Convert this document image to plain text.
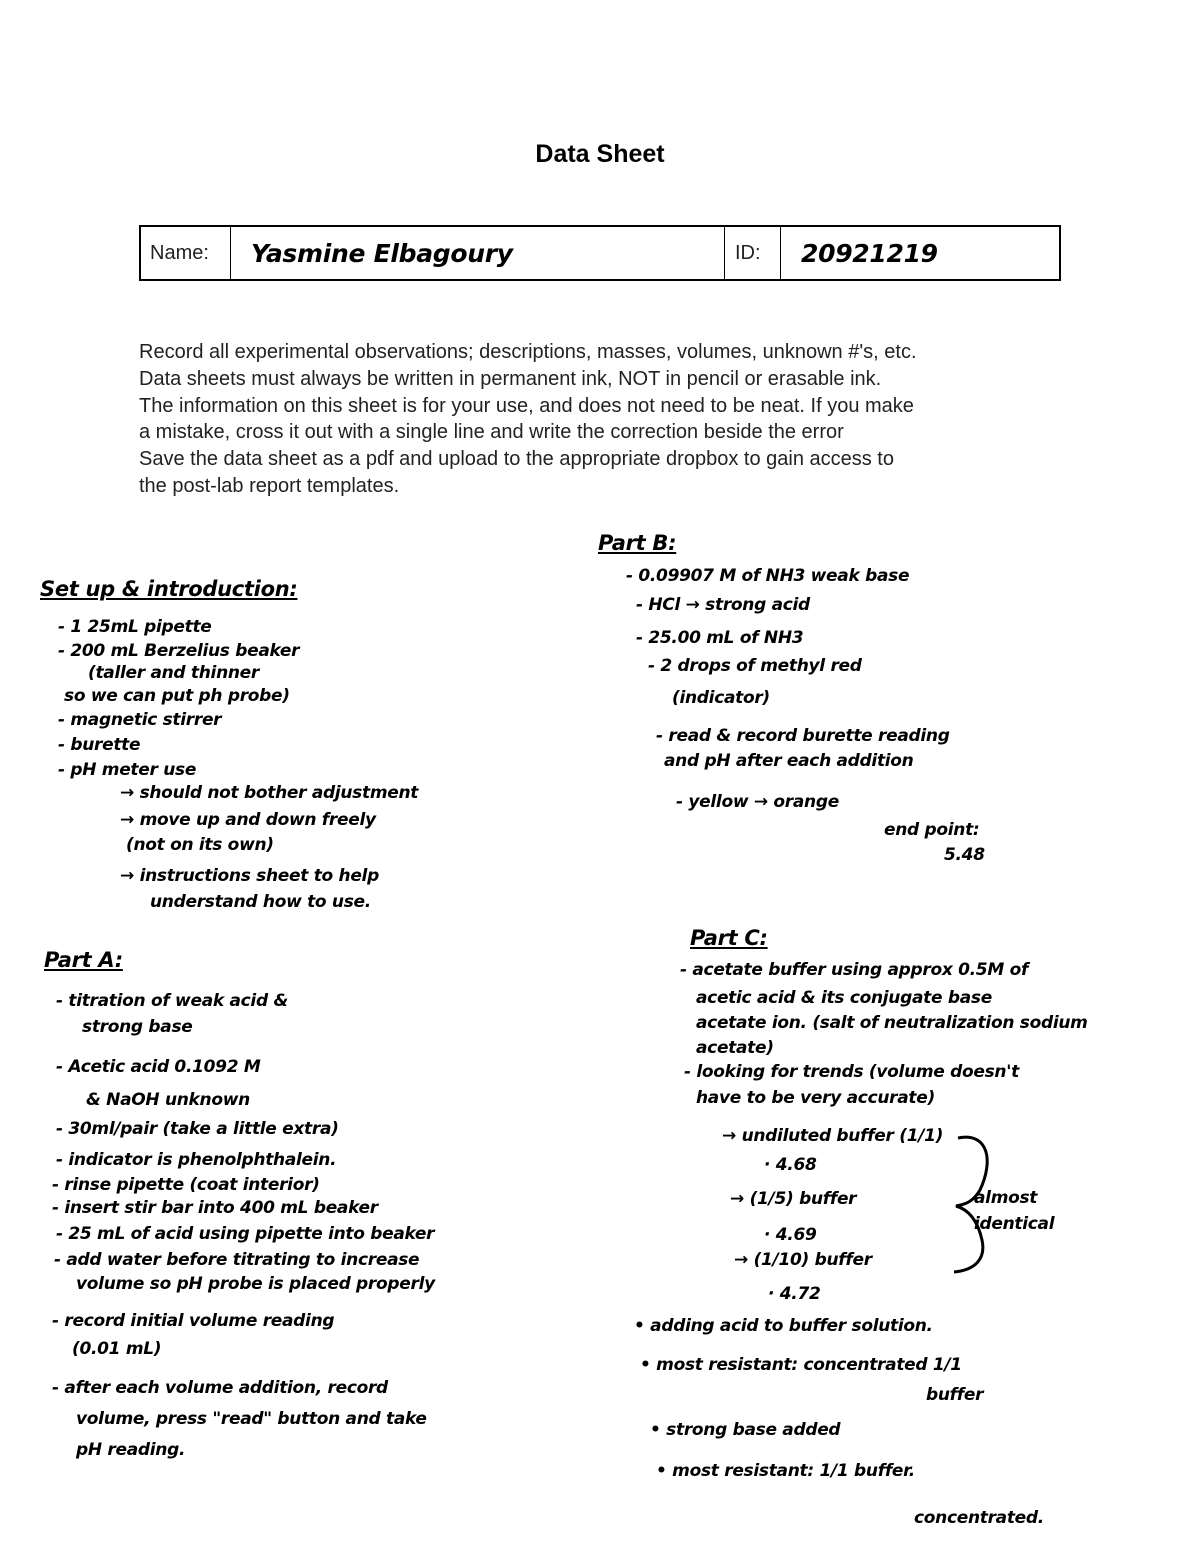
Data Sheet
Name:	Yasmine Elbagoury	ID:	20921219
Record all experimental observations; descriptions, masses, volumes, unknown #'s, etc.
Data sheets must always be written in permanent ink, NOT in pencil or erasable ink.
The information on this sheet is for your use, and does not need to be neat. If you make
a mistake, cross it out with a single line and write the correction beside the error
Save the data sheet as a pdf and upload to the appropriate dropbox to gain access to
the post-lab report templates.
Set up & introduction:
- 1 25mL pipette
- 200 mL Berzelius beaker
(taller and thinner
so we can put ph probe)
- magnetic stirrer
- burette
- pH meter use
→ should not bother adjustment
→ move up and down freely
(not on its own)
→ instructions sheet to help
understand how to use.
Part A:
- titration of weak acid &
strong base
- Acetic acid 0.1092 M
& NaOH unknown
- 30ml/pair (take a little extra)
- indicator is phenolphthalein.
- rinse pipette (coat interior)
- insert stir bar into 400 mL beaker
- 25 mL of acid using pipette into beaker
- add water before titrating to increase
volume so pH probe is placed properly
- record initial volume reading
(0.01 mL)
- after each volume addition, record
volume, press "read" button and take
pH reading.
Part B:
- 0.09907 M of NH3 weak base
- HCl → strong acid
- 25.00 mL of NH3
- 2 drops of methyl red
(indicator)
- read & record burette reading
and pH after each addition
- yellow → orange
end point:
5.48
Part C:
- acetate buffer using approx 0.5M of
acetic acid & its conjugate base
acetate ion. (salt of neutralization sodium
acetate)
- looking for trends (volume doesn't
have to be very accurate)
→ undiluted buffer (1/1)
· 4.68
→ (1/5) buffer
· 4.69
→ (1/10) buffer
· 4.72
almost
identical
• adding acid to buffer solution.
• most resistant: concentrated 1/1
buffer
• strong base added
• most resistant: 1/1 buffer.
concentrated.
